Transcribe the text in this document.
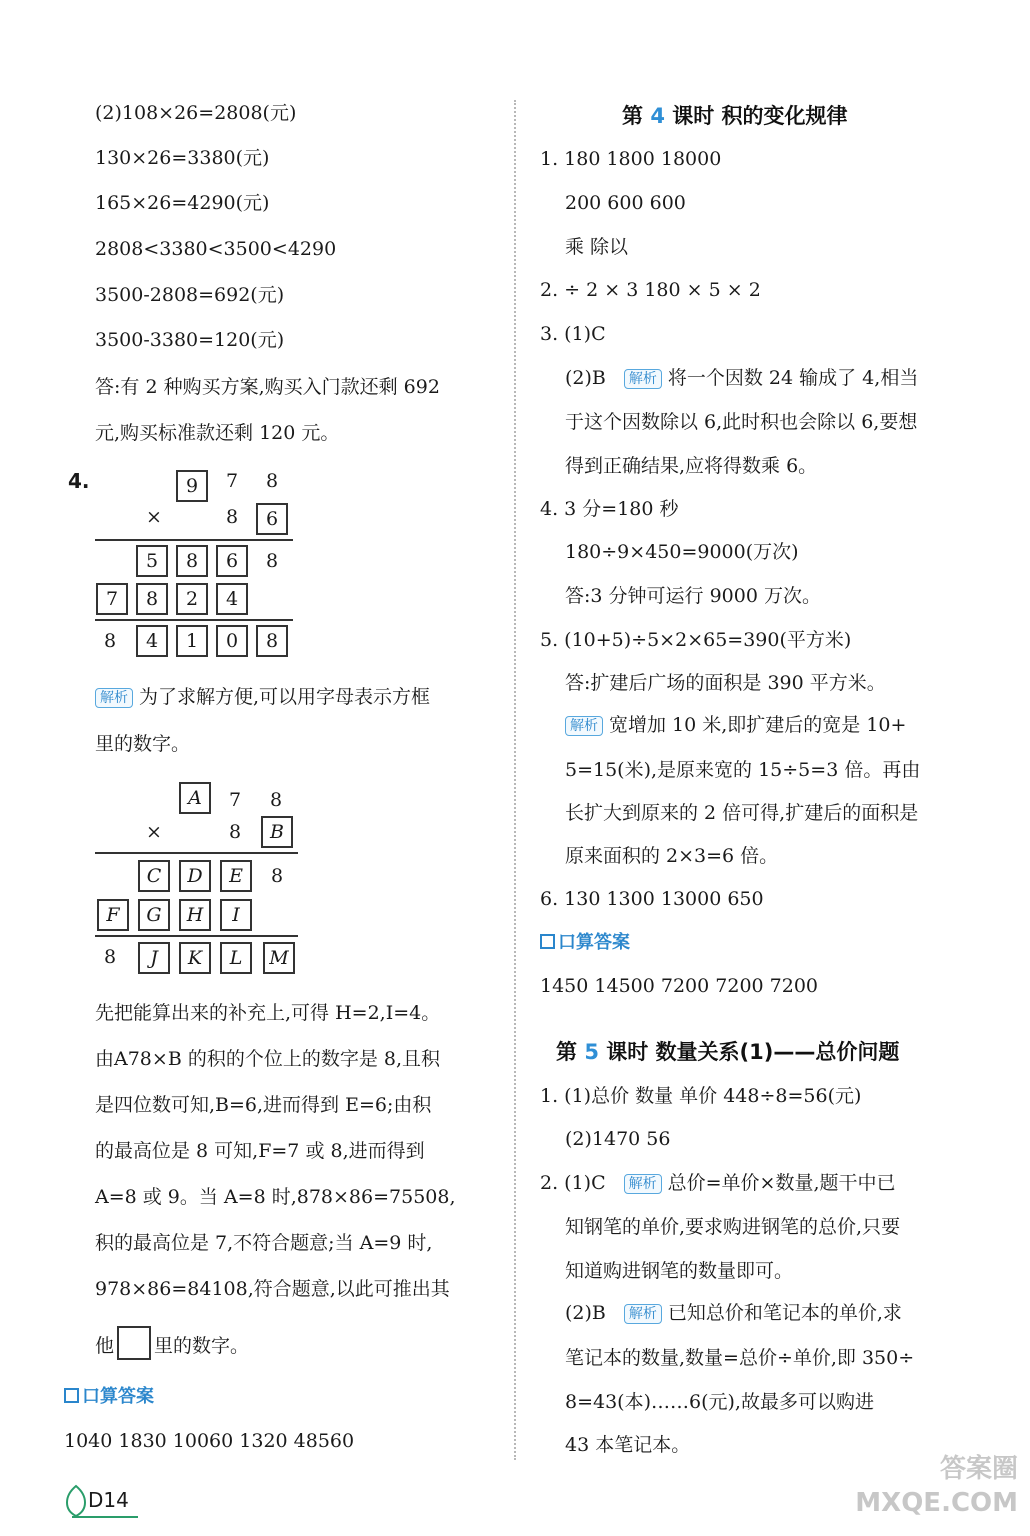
(2)108×26=2808(元)
130×26=3380(元)
165×26=4290(元)
2808<3380<3500<4290
3500-2808=692(元)
3500-3380=120(元)
答:有 2 种购买方案,购买入门款还剩 692
元,购买标准款还剩 120 元。
4.	9	7	8
×	8	6
5	8	6	8
7	8	2	4
8	4	1	0	8
解析 为了求解方便,可以用字母表示方框
里的数字。
A	7	8
×	8	B
C	D	E	8
F	G	H	I
8	J	K	L	M
先把能算出来的补充上,可得 H=2,I=4。
由A78×B 的积的个位上的数字是 8,且积
是四位数可知,B=6,进而得到 E=6;由积
的最高位是 8 可知,F=7 或 8,进而得到
A=8 或 9。当 A=8 时,878×86=75508,
积的最高位是 7,不符合题意;当 A=9 时,
978×86=84108,符合题意,以此可推出其
他 里的数字。
口算答案
1040 1830 10060 1320 48560
D14
第 4 课时 积的变化规律
1. 180 1800 18000
200 600 600
乘 除以
2. ÷ 2 × 3 180 × 5 × 2
3. (1)C
(2)B 解析 将一个因数 24 输成了 4,相当
于这个因数除以 6,此时积也会除以 6,要想
得到正确结果,应将得数乘 6。
4. 3 分=180 秒
180÷9×450=9000(万次)
答:3 分钟可运行 9000 万次。
5. (10+5)÷5×2×65=390(平方米)
答:扩建后广场的面积是 390 平方米。
解析 宽增加 10 米,即扩建后的宽是 10+
5=15(米),是原来宽的 15÷5=3 倍。再由
长扩大到原来的 2 倍可得,扩建后的面积是
原来面积的 2×3=6 倍。
6. 130 1300 13000 650
口算答案
1450 14500 7200 7200 7200
第 5 课时 数量关系(1)——总价问题
1. (1)总价 数量 单价 448÷8=56(元)
(2)1470 56
2. (1)C 解析 总价=单价×数量,题干中已
知钢笔的单价,要求购进钢笔的总价,只要
知道购进钢笔的数量即可。
(2)B 解析 已知总价和笔记本的单价,求
笔记本的数量,数量=总价÷单价,即 350÷
8=43(本)……6(元),故最多可以购进
43 本笔记本。
答案圈 MXQE.COM
